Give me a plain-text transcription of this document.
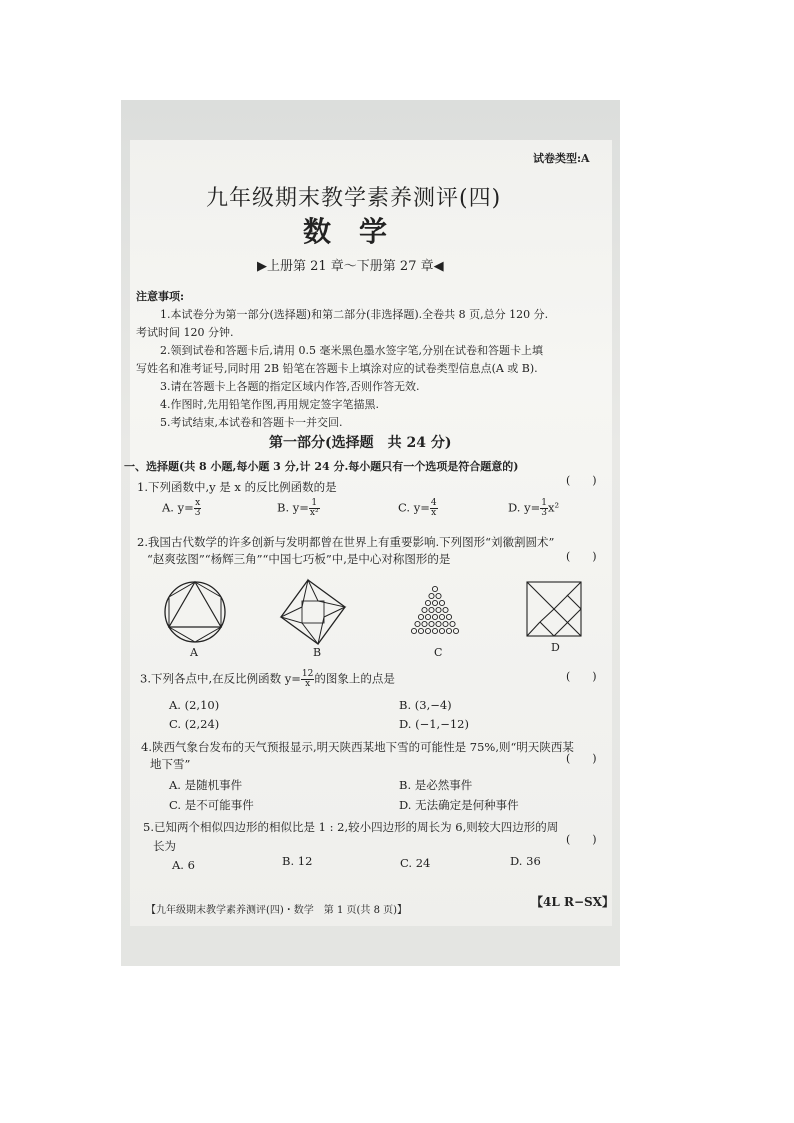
试卷类型:A
九年级期末教学素养测评(四)
数　学
▶上册第 21 章～下册第 27 章◀
注意事项:
1.本试卷分为第一部分(选择题)和第二部分(非选择题).全卷共 8 页,总分 120 分.
考试时间 120 分钟.
2.领到试卷和答题卡后,请用 0.5 毫米黑色墨水签字笔,分别在试卷和答题卡上填
写姓名和准考证号,同时用 2B 铅笔在答题卡上填涂对应的试卷类型信息点(A 或 B).
3.请在答题卡上各题的指定区域内作答,否则作答无效.
4.作图时,先用铅笔作图,再用规定签字笔描黑.
5.考试结束,本试卷和答题卡一并交回.
第一部分(选择题　共 24 分)
一、选择题(共 8 小题,每小题 3 分,计 24 分.每小题只有一个选项是符合题意的)
(　　)
1.下列函数中,y 是 x 的反比例函数的是
A. $y= \frac{x}{3}$	B. $y= \frac{1}{\text{x²}}$	C. $y= \frac{4}{x}$	D. $y= \frac{1}{3} x^2$
2.我国古代数学的许多创新与发明都曾在世界上有重要影响.下列图形“刘徽割圆术”
(　　)
“赵爽弦图”“杨辉三角”“中国七巧板”中,是中心对称图形的是
A	B	C	D
(　　)
3.下列各点中,在反比例函数 $y= \frac{12}{x}$ 的图象上的点是
A. (2,10)	B. (3,−4)
C. (2,24)	D. (−1,−12)
4.陕西气象台发布的天气预报显示,明天陕西某地下雪的可能性是 75%,则“明天陕西某
(　　)
地下雪”
A. 是随机事件	B. 是必然事件
C. 是不可能事件	D. 无法确定是何种事件
5.已知两个相似四边形的相似比是 1 : 2,较小四边形的周长为 6,则较大四边形的周
(　　)
长为
A. 6	B. 12	C. 24	D. 36
【九年级期末教学素养测评(四)・数学　第 1 页(共 8 页)】
【4L R−SX】
